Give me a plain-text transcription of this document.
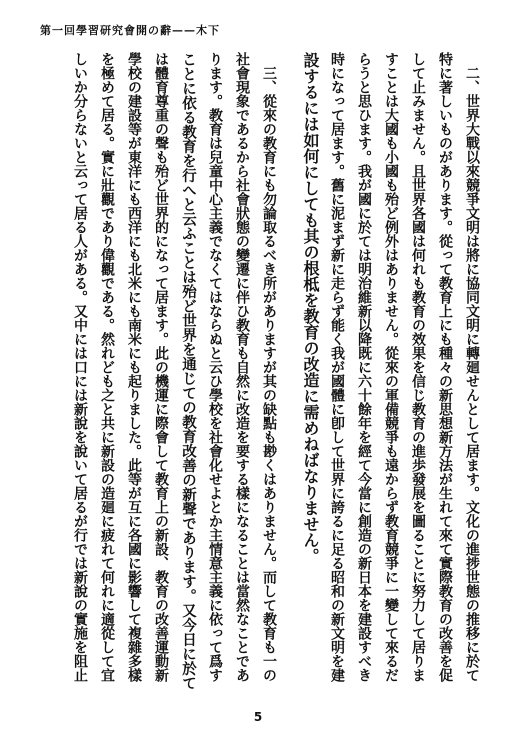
第一回學習研究會開の辭——木下
　二、世界大戰以來競爭文明は將に協同文明に轉廻せんとして居ます。文化の進捗世態の推移に於て
特に著しいものがあります。從って教育上にも種々の新思想新方法が生れて來て實際教育の改善を促
して止みません。且世界各國は何れも教育の效果を信じ教育の進歩發展を圖ることに努力して居りま
すことは大國も小國も殆ど例外はありません。從來の軍備競爭も遠からず教育競爭に一變して來るだ
らうと思ひます。我が國に於ては明治維新以降既に六十餘年を經て今當に創造の新日本を建設すべき
時になって居ます。舊に泥まず新に走らず能く我が國體に卽して世界に誇るに足る昭和の新文明を建
設するには如何にしても其の根柢を教育の改造に需めねばなりません。
　三、從來の教育にも勿論取るべき所がありますが其の缺點も尠くはありません。而して教育も一の
社會現象であるから社會狀態の變遷に伴ひ教育も自然に改造を要する樣になることは當然なことであ
ります。教育は兒童中心主義でなくてはならぬと云ひ學校を社會化せよとか主情意主義に依って爲す
ことに依る教育を行へと云ふことは殆ど世界を通じての教育改善の新聲であります。又今日に於て
は體育尊重の聲も殆ど世界的になって居ます。此の機運に際會して教育上の新設、教育の改善運動新
學校の建設等が東洋にも西洋にも北米にも南米にも起りました。此等が互に各國に影響して複雜多樣
を極めて居る。實に壯觀であり偉觀である。然れども之と共に新設の造廻に疲れて何れに適從して宜
しいか分らないと云って居る人がある。又中には口には新說を說いて居るが行では新說の實施を阻止
5
